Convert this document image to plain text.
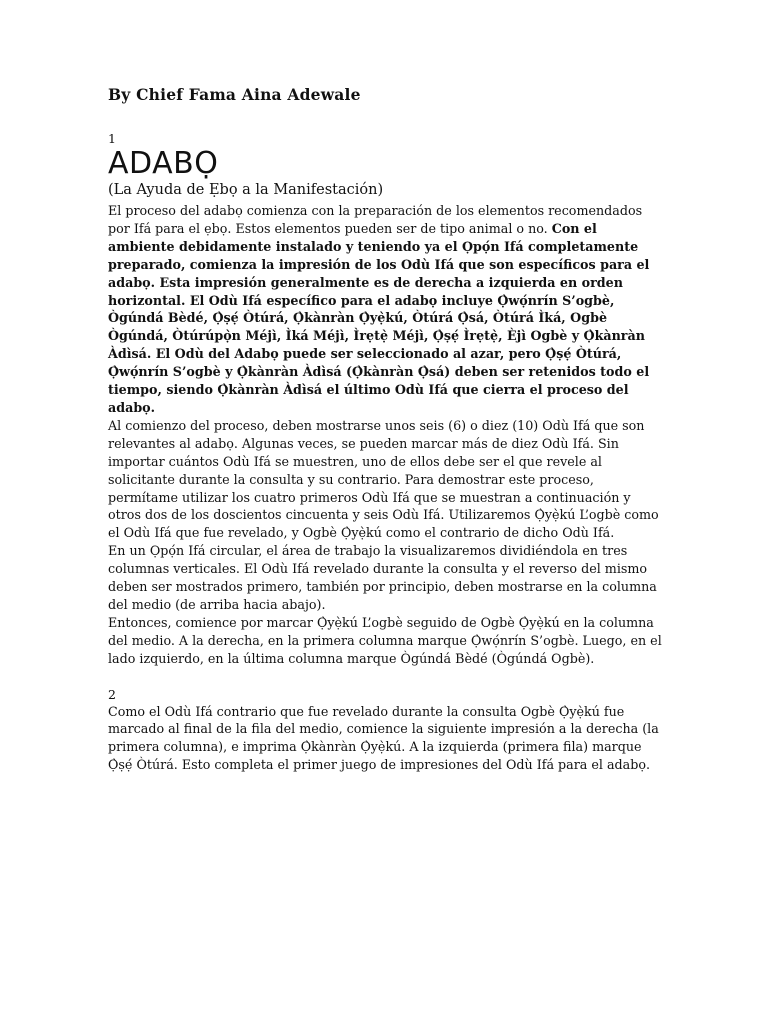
By Chief Fama Aina Adewale

1

ADABỌ

(La Ayuda de Ẹbọ a la Manifestación)

El proceso del adabọ comienza con la preparación de los elementos recomendados por Ifá para el ẹbọ. Estos elementos pueden ser de tipo animal o no. Con el ambiente debidamente instalado y teniendo ya el Ọpọ́n Ifá completamente preparado, comienza la impresión de los Odù Ifá que son específicos para el adabọ. Esta impresión generalmente es de derecha a izquierda en orden horizontal. El Odù Ifá específico para el adabọ incluye Ọ̀wọ́nrín S’ogbè, Ògúndá Bèdé, Ọ̀ṣẹ́ Òtúrá, Ọ̀kànràn Ọ̀yẹ̀kú, Òtúrá Ọ̀sá, Òtúrá Ìká, Ogbè Ògúndá, Òtúrúpọ̀n Méjì, Ìká Méjì, Ìrẹtẹ̀ Méjì, Ọ̀ṣẹ́ Ìrẹtẹ̀, Èjì Ogbè y Ọ̀kànràn Àdìsá. El Odù del Adabọ puede ser seleccionado al azar, pero Ọ̀ṣẹ́ Òtúrá, Ọ̀wọ́nrín S’ogbè y Ọ̀kànràn Àdìsá (Ọ̀kànràn Ọ̀sá) deben ser retenidos todo el tiempo, siendo Ọ̀kànràn Àdìsá el último Odù Ifá que cierra el proceso del adabọ.

Al comienzo del proceso, deben mostrarse unos seis (6) o diez (10) Odù Ifá que son relevantes al adabọ. Algunas veces, se pueden marcar más de diez Odù Ifá. Sin importar cuántos Odù Ifá se muestren, uno de ellos debe ser el que revele al solicitante durante la consulta y su contrario. Para demostrar este proceso, permítame utilizar los cuatro primeros Odù Ifá que se muestran a continuación y otros dos de los doscientos cincuenta y seis Odù Ifá. Utilizaremos Ọ̀yẹ̀kú L’ogbè como el Odù Ifá que fue revelado, y Ogbè Ọ̀yẹ̀kú como el contrario de dicho Odù Ifá.

En un Ọpọ́n Ifá circular, el área de trabajo la visualizaremos dividiéndola en tres columnas verticales. El Odù Ifá revelado durante la consulta y el reverso del mismo deben ser mostrados primero, también por principio, deben mostrarse en la columna del medio (de arriba hacia abajo).

Entonces, comience por marcar Ọ̀yẹ̀kú L’ogbè seguido de Ogbè Ọ̀yẹ̀kú en la columna del medio. A la derecha, en la primera columna marque Ọ̀wọ́nrín S’ogbè. Luego, en el lado izquierdo, en la última columna marque Ògúndá Bèdé (Ògúndá Ogbè).

2

Como el Odù Ifá contrario que fue revelado durante la consulta Ogbè Ọ̀yẹ̀kú fue marcado al final de la fila del medio, comience la siguiente impresión a la derecha (la primera columna), e imprima Ọ̀kànràn Ọ̀yẹ̀kú. A la izquierda (primera fila) marque Ọ̀ṣẹ́ Òtúrá. Esto completa el primer juego de impresiones del Odù Ifá para el adabọ.
